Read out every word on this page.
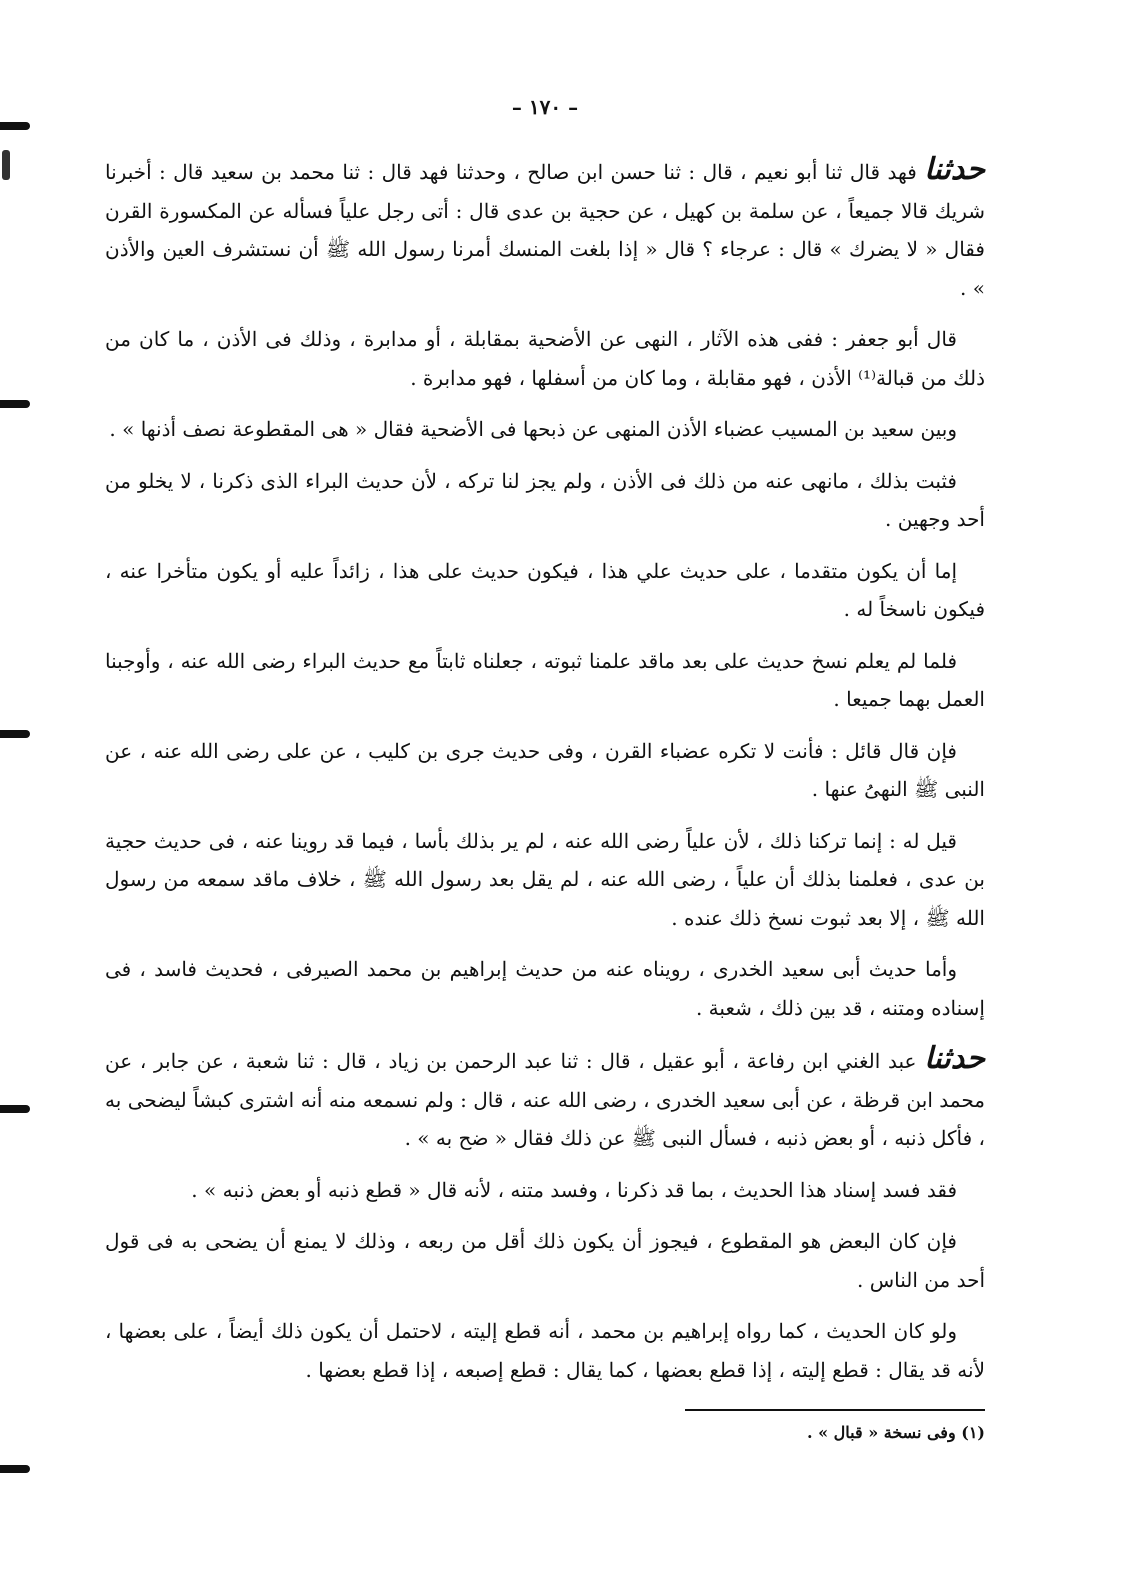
– ١٧٠ –

حدثنا فهد قال ثنا أبو نعيم ، قال : ثنا حسن ابن صالح ، وحدثنا فهد قال : ثنا محمد بن سعيد قال : أخبرنا شريك قالا جميعاً ، عن سلمة بن كهيل ، عن حجية بن عدى قال : أتى رجل علياً فسأله عن المكسورة القرن فقال « لا يضرك » قال : عرجاء ؟ قال « إذا بلغت المنسك أمرنا رسول الله ﷺ أن نستشرف العين والأذن » .

قال أبو جعفر : ففى هذه الآثار ، النهى عن الأضحية بمقابلة ، أو مدابرة ، وذلك فى الأذن ، ما كان من ذلك من قبالة⁽¹⁾ الأذن ، فهو مقابلة ، وما كان من أسفلها ، فهو مدابرة .

وبين سعيد بن المسيب عضباء الأذن المنهى عن ذبحها فى الأضحية فقال « هى المقطوعة نصف أذنها » .

فثبت بذلك ، مانهى عنه من ذلك فى الأذن ، ولم يجز لنا تركه ، لأن حديث البراء الذى ذكرنا ، لا يخلو من أحد وجهين .

إما أن يكون متقدما ، على حديث علي هذا ، فيكون حديث على هذا ، زائداً عليه أو يكون متأخرا عنه ، فيكون ناسخاً له .

فلما لم يعلم نسخ حديث على بعد ماقد علمنا ثبوته ، جعلناه ثابتاً مع حديث البراء رضى الله عنه ، وأوجبنا العمل بهما جميعا .

فإن قال قائل : فأنت لا تكره عضباء القرن ، وفى حديث جرى بن كليب ، عن على رضى الله عنه ، عن النبى ﷺ النهىُ عنها .

قيل له : إنما تركنا ذلك ، لأن علياً رضى الله عنه ، لم ير بذلك بأسا ، فيما قد روينا عنه ، فى حديث حجية بن عدى ، فعلمنا بذلك أن علياً ، رضى الله عنه ، لم يقل بعد رسول الله ﷺ ، خلاف ماقد سمعه من رسول الله ﷺ ، إلا بعد ثبوت نسخ ذلك عنده .

وأما حديث أبى سعيد الخدرى ، رويناه عنه من حديث إبراهيم بن محمد الصيرفى ، فحديث فاسد ، فى إسناده ومتنه ، قد بين ذلك ، شعبة .

حدثنا عبد الغني ابن رفاعة ، أبو عقيل ، قال : ثنا عبد الرحمن بن زياد ، قال : ثنا شعبة ، عن جابر ، عن محمد ابن قرظة ، عن أبى سعيد الخدرى ، رضى الله عنه ، قال : ولم نسمعه منه أنه اشترى كبشاً ليضحى به ، فأكل ذنبه ، أو بعض ذنبه ، فسأل النبى ﷺ عن ذلك فقال « ضح به » .

فقد فسد إسناد هذا الحديث ، بما قد ذكرنا ، وفسد متنه ، لأنه قال « قطع ذنبه أو بعض ذنبه » .

فإن كان البعض هو المقطوع ، فيجوز أن يكون ذلك أقل من ربعه ، وذلك لا يمنع أن يضحى به فى قول أحد من الناس .

ولو كان الحديث ، كما رواه إبراهيم بن محمد ، أنه قطع إليته ، لاحتمل أن يكون ذلك أيضاً ، على بعضها ، لأنه قد يقال : قطع إليته ، إذا قطع بعضها ، كما يقال : قطع إصبعه ، إذا قطع بعضها .

(١) وفى نسخة « قبال » .
